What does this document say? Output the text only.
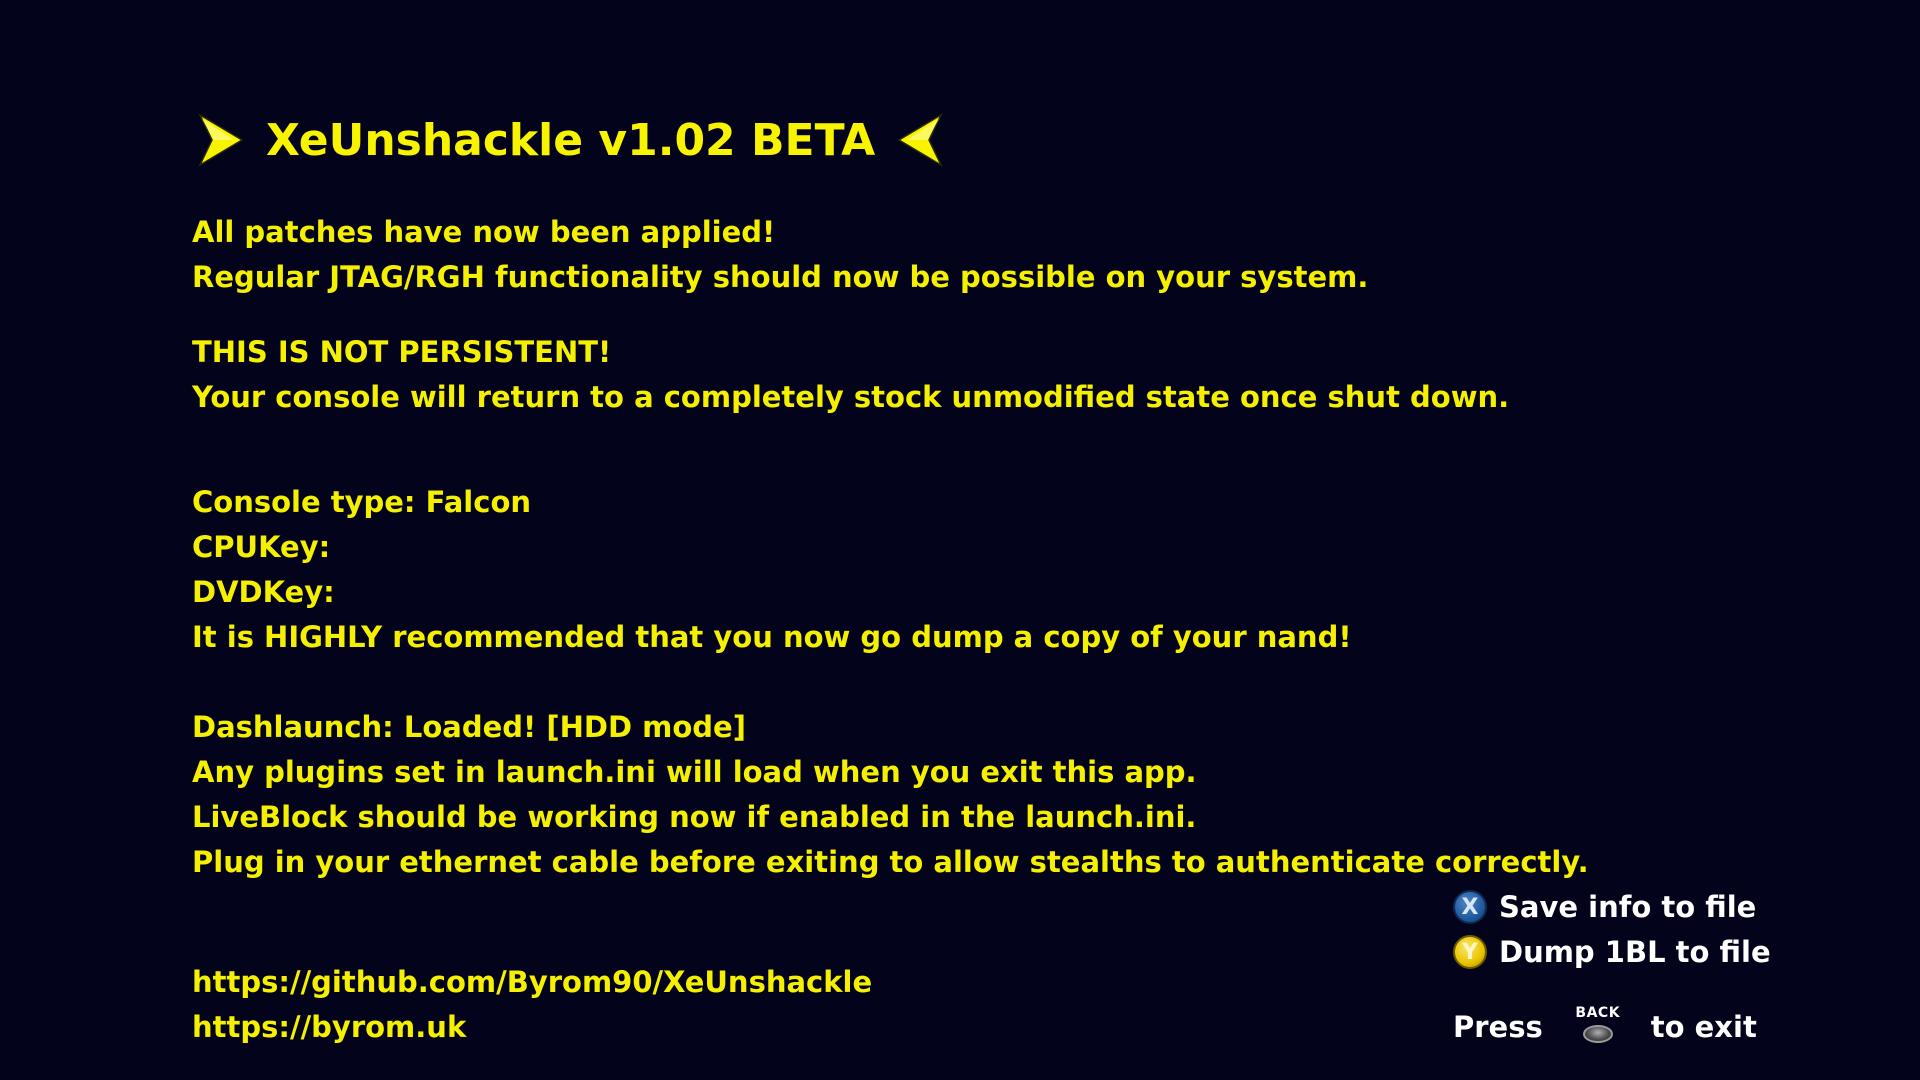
XeUnshackle v1.02 BETA
All patches have now been applied!
Regular JTAG/RGH functionality should now be possible on your system.
THIS IS NOT PERSISTENT!
Your console will return to a completely stock unmodified state once shut down.
Console type: Falcon
CPUKey:
DVDKey:
It is HIGHLY recommended that you now go dump a copy of your nand!
Dashlaunch: Loaded! [HDD mode]
Any plugins set in launch.ini will load when you exit this app.
LiveBlock should be working now if enabled in the launch.ini.
Plug in your ethernet cable before exiting to allow stealths to authenticate correctly.
https://github.com/Byrom90/XeUnshackle
https://byrom.uk
X Save info to file
Y Dump 1BL to file
Press BACK to exit
